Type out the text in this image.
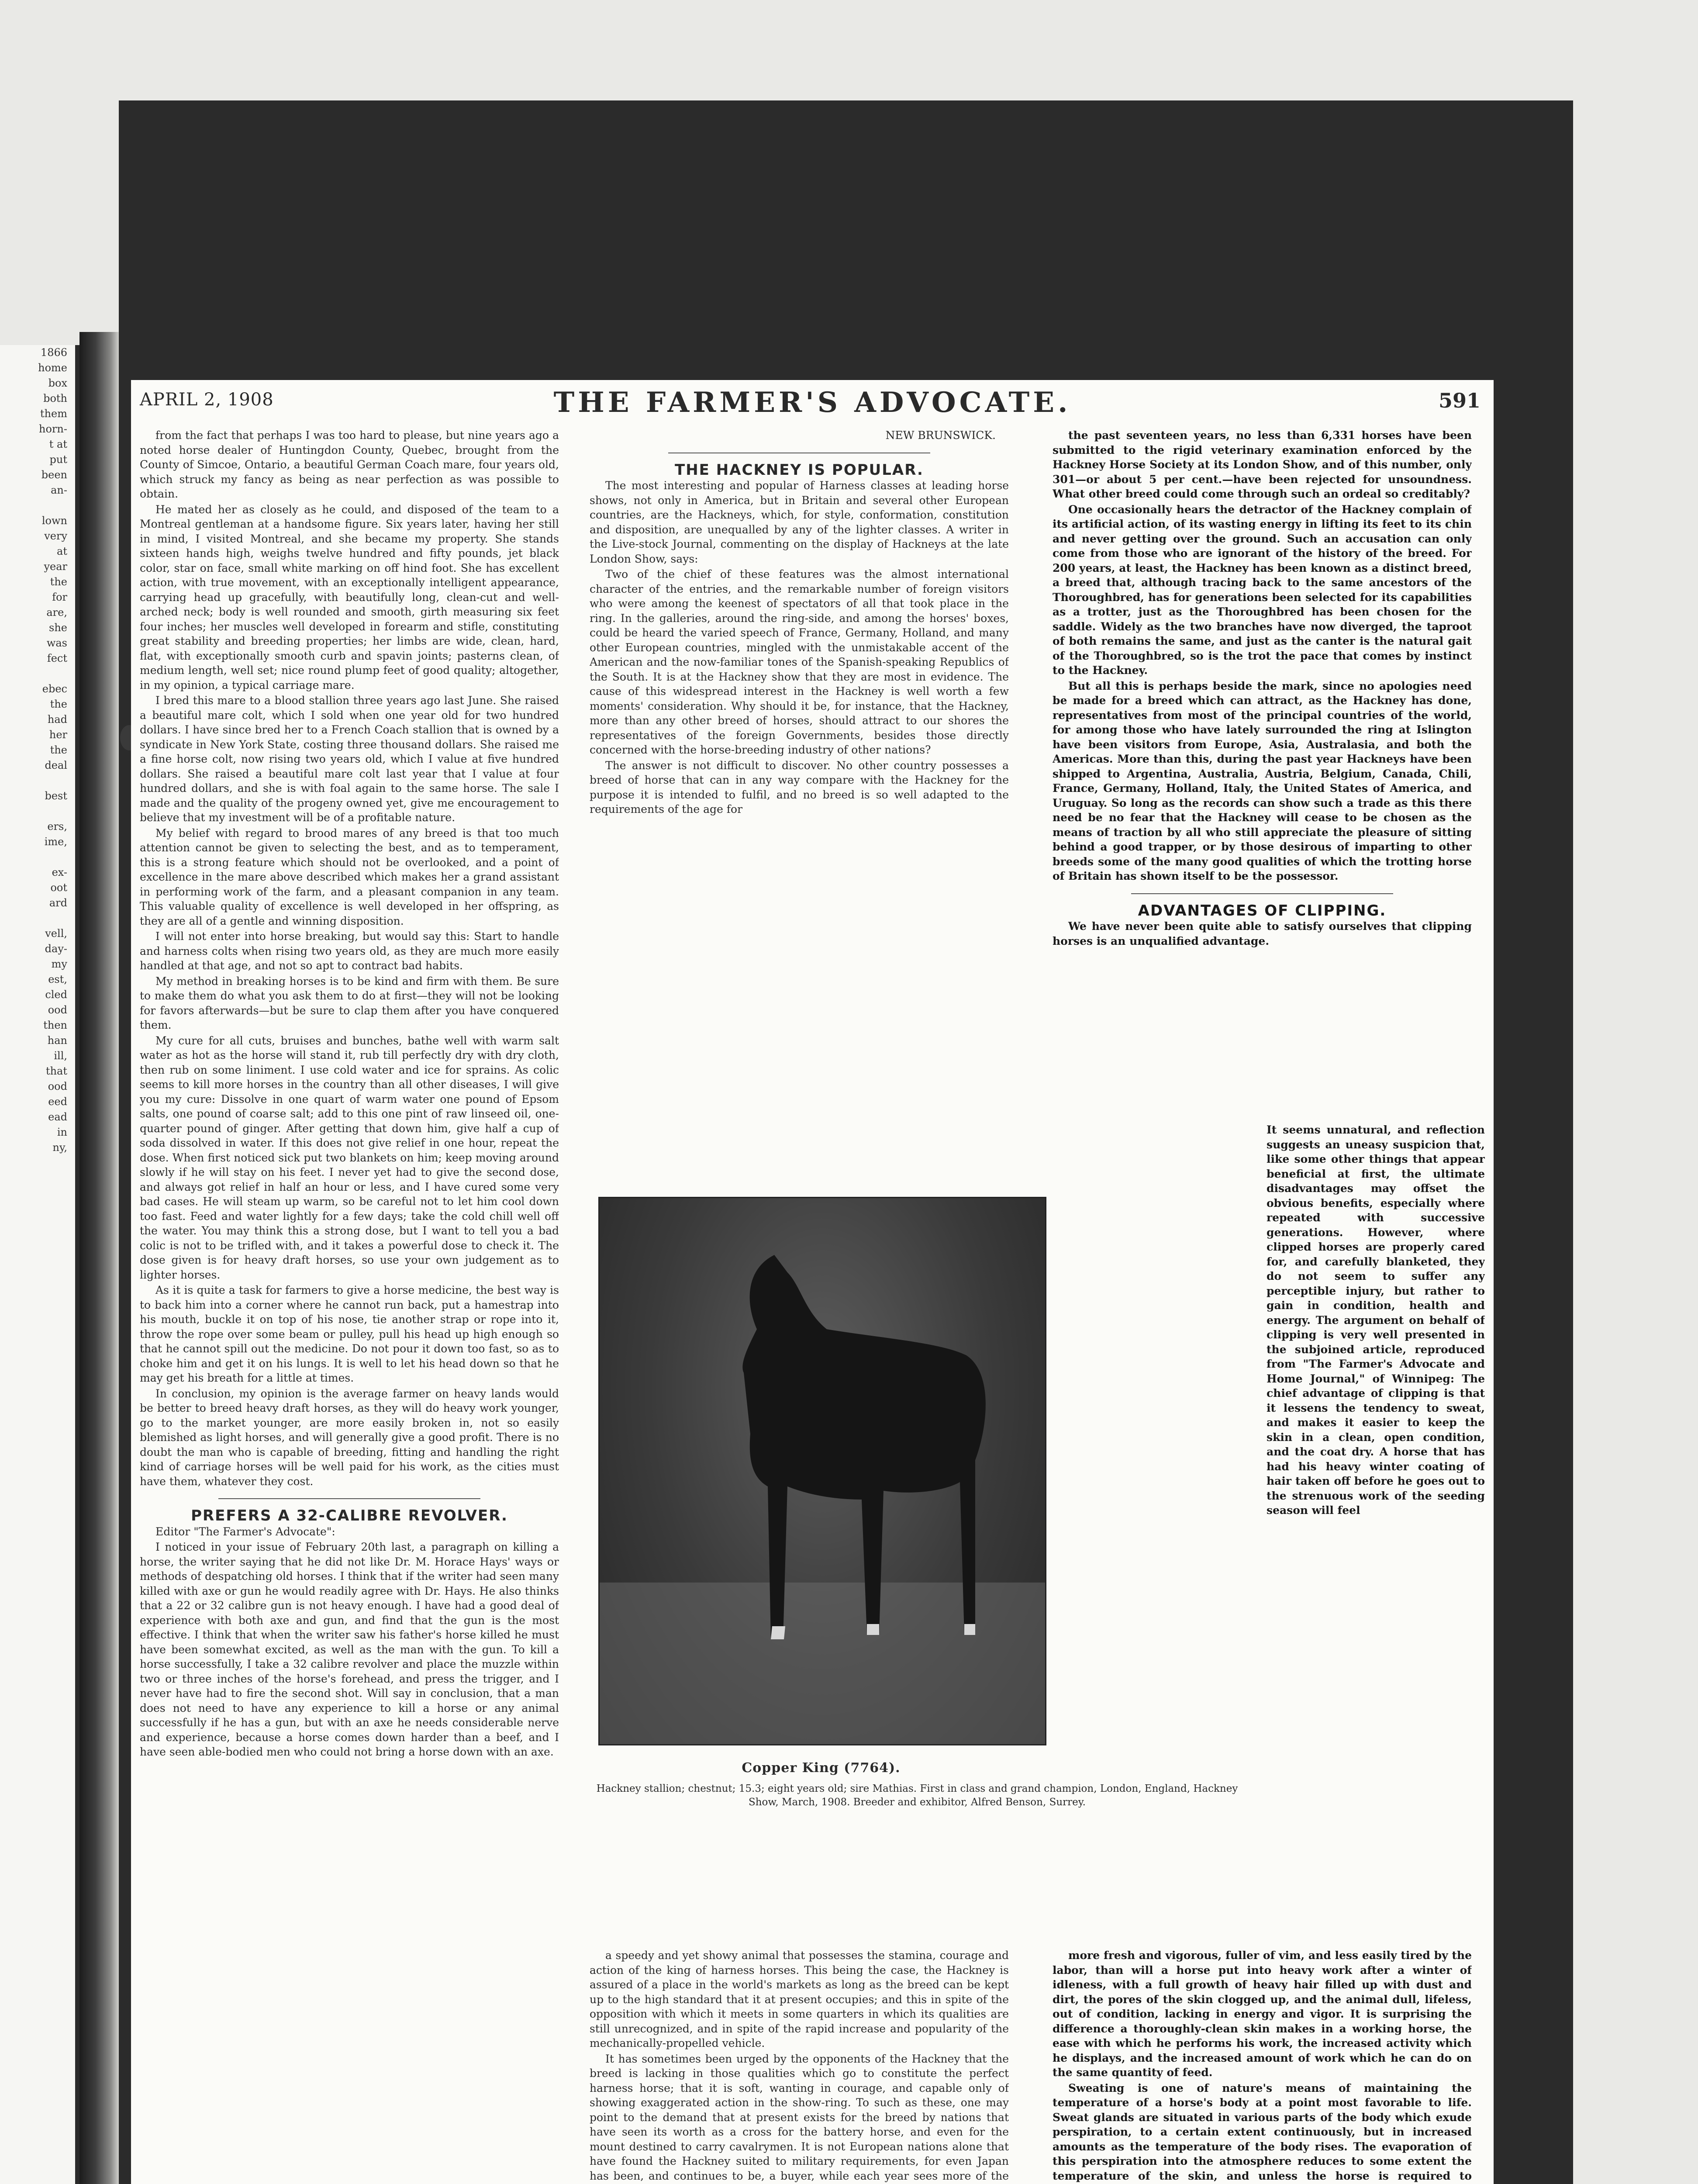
1866
home
box
both
them
horn-
t at
put
been
an-

lown
very
at
year
the
for
are,
she
was
fect

ebec
the
had
her
the
deal

best

ers,
ime,

ex-
oot
ard

vell,
day-
my
est,
cled
ood
then
han
ill,
that
ood
eed
ead
in
ny,
APRIL 2, 1908	THE FARMER'S ADVOCATE.	591

from the fact that perhaps I was too hard to please, but nine years ago a noted horse dealer of Huntingdon County, Quebec, brought from the County of Simcoe, Ontario, a beautiful German Coach mare, four years old, which struck my fancy as being as near perfection as was possible to obtain.

He mated her as closely as he could, and disposed of the team to a Montreal gentleman at a handsome figure. Six years later, having her still in mind, I visited Montreal, and she became my property. She stands sixteen hands high, weighs twelve hundred and fifty pounds, jet black color, star on face, small white marking on off hind foot. She has excellent action, with true movement, with an exceptionally intelligent appearance, carrying head up gracefully, with beautifully long, clean-cut and well-arched neck; body is well rounded and smooth, girth measuring six feet four inches; her muscles well developed in forearm and stifle, constituting great stability and breeding properties; her limbs are wide, clean, hard, flat, with exceptionally smooth curb and spavin joints; pasterns clean, of medium length, well set; nice round plump feet of good quality; altogether, in my opinion, a typical carriage mare.

I bred this mare to a blood stallion three years ago last June. She raised a beautiful mare colt, which I sold when one year old for two hundred dollars. I have since bred her to a French Coach stallion that is owned by a syndicate in New York State, costing three thousand dollars. She raised me a fine horse colt, now rising two years old, which I value at five hundred dollars. She raised a beautiful mare colt last year that I value at four hundred dollars, and she is with foal again to the same horse. The sale I made and the quality of the progeny owned yet, give me encouragement to believe that my investment will be of a profitable nature.

My belief with regard to brood mares of any breed is that too much attention cannot be given to selecting the best, and as to temperament, this is a strong feature which should not be overlooked, and a point of excellence in the mare above described which makes her a grand assistant in performing work of the farm, and a pleasant companion in any team. This valuable quality of excellence is well developed in her offspring, as they are all of a gentle and winning disposition.

I will not enter into horse breaking, but would say this: Start to handle and harness colts when rising two years old, as they are much more easily handled at that age, and not so apt to contract bad habits.

My method in breaking horses is to be kind and firm with them. Be sure to make them do what you ask them to do at first—they will not be looking for favors afterwards—but be sure to clap them after you have conquered them.

My cure for all cuts, bruises and bunches, bathe well with warm salt water as hot as the horse will stand it, rub till perfectly dry with dry cloth, then rub on some liniment. I use cold water and ice for sprains. As colic seems to kill more horses in the country than all other diseases, I will give you my cure: Dissolve in one quart of warm water one pound of Epsom salts, one pound of coarse salt; add to this one pint of raw linseed oil, one-quarter pound of ginger. After getting that down him, give half a cup of soda dissolved in water. If this does not give relief in one hour, repeat the dose. When first noticed sick put two blankets on him; keep moving around slowly if he will stay on his feet. I never yet had to give the second dose, and always got relief in half an hour or less, and I have cured some very bad cases. He will steam up warm, so be careful not to let him cool down too fast. Feed and water lightly for a few days; take the cold chill well off the water. You may think this a strong dose, but I want to tell you a bad colic is not to be trifled with, and it takes a powerful dose to check it. The dose given is for heavy draft horses, so use your own judgement as to lighter horses.

As it is quite a task for farmers to give a horse medicine, the best way is to back him into a corner where he cannot run back, put a hamestrap into his mouth, buckle it on top of his nose, tie another strap or rope into it, throw the rope over some beam or pulley, pull his head up high enough so that he cannot spill out the medicine. Do not pour it down too fast, so as to choke him and get it on his lungs. It is well to let his head down so that he may get his breath for a little at times.

In conclusion, my opinion is the average farmer on heavy lands would be better to breed heavy draft horses, as they will do heavy work younger, go to the market younger, are more easily broken in, not so easily blemished as light horses, and will generally give a good profit. There is no doubt the man who is capable of breeding, fitting and handling the right kind of carriage horses will be well paid for his work, as the cities must have them, whatever they cost.

PREFERS A 32-CALIBRE REVOLVER.

Editor "The Farmer's Advocate":

I noticed in your issue of February 20th last, a paragraph on killing a horse, the writer saying that he did not like Dr. M. Horace Hays' ways or methods of despatching old horses. I think that if the writer had seen many killed with axe or gun he would readily agree with Dr. Hays. He also thinks that a 22 or 32 calibre gun is not heavy enough. I have had a good deal of experience with both axe and gun, and find that the gun is the most effective. I think that when the writer saw his father's horse killed he must have been somewhat excited, as well as the man with the gun. To kill a horse successfully, I take a 32 calibre revolver and place the muzzle within two or three inches of the horse's forehead, and press the trigger, and I never have had to fire the second shot. Will say in conclusion, that a man does not need to have any experience to kill a horse or any animal successfully if he has a gun, but with an axe he needs considerable nerve and experience, because a horse comes down harder than a beef, and I have seen able-bodied men who could not bring a horse down with an axe.

NEW BRUNSWICK.

THE HACKNEY IS POPULAR.

The most interesting and popular of Harness classes at leading horse shows, not only in America, but in Britain and several other European countries, are the Hackneys, which, for style, conformation, constitution and disposition, are unequalled by any of the lighter classes. A writer in the Live-stock Journal, commenting on the display of Hackneys at the late London Show, says:

Two of the chief of these features was the almost international character of the entries, and the remarkable number of foreign visitors who were among the keenest of spectators of all that took place in the ring. In the galleries, around the ring-side, and among the horses' boxes, could be heard the varied speech of France, Germany, Holland, and many other European countries, mingled with the unmistakable accent of the American and the now-familiar tones of the Spanish-speaking Republics of the South. It is at the Hackney show that they are most in evidence. The cause of this widespread interest in the Hackney is well worth a few moments' consideration. Why should it be, for instance, that the Hackney, more than any other breed of horses, should attract to our shores the representatives of the foreign Governments, besides those directly concerned with the horse-breeding industry of other nations?

The answer is not difficult to discover. No other country possesses a breed of horse that can in any way compare with the Hackney for the purpose it is intended to fulfil, and no breed is so well adapted to the requirements of the age for

Copper King (7764).
Hackney stallion; chestnut; 15.3; eight years old; sire Mathias. First in class and grand champion, London, England, Hackney Show, March, 1908. Breeder and exhibitor, Alfred Benson, Surrey.

the past seventeen years, no less than 6,331 horses have been submitted to the rigid veterinary examination enforced by the Hackney Horse Society at its London Show, and of this number, only 301—or about 5 per cent.—have been rejected for unsoundness. What other breed could come through such an ordeal so creditably?

One occasionally hears the detractor of the Hackney complain of its artificial action, of its wasting energy in lifting its feet to its chin and never getting over the ground. Such an accusation can only come from those who are ignorant of the history of the breed. For 200 years, at least, the Hackney has been known as a distinct breed, a breed that, although tracing back to the same ancestors of the Thoroughbred, has for generations been selected for its capabilities as a trotter, just as the Thoroughbred has been chosen for the saddle. Widely as the two branches have now diverged, the taproot of both remains the same, and just as the canter is the natural gait of the Thoroughbred, so is the trot the pace that comes by instinct to the Hackney.

But all this is perhaps beside the mark, since no apologies need be made for a breed which can attract, as the Hackney has done, representatives from most of the principal countries of the world, for among those who have lately surrounded the ring at Islington have been visitors from Europe, Asia, Australasia, and both the Americas. More than this, during the past year Hackneys have been shipped to Argentina, Australia, Austria, Belgium, Canada, Chili, France, Germany, Holland, Italy, the United States of America, and Uruguay. So long as the records can show such a trade as this there need be no fear that the Hackney will cease to be chosen as the means of traction by all who still appreciate the pleasure of sitting behind a good trapper, or by those desirous of imparting to other breeds some of the many good qualities of which the trotting horse of Britain has shown itself to be the possessor.

ADVANTAGES OF CLIPPING.

We have never been quite able to satisfy ourselves that clipping horses is an unqualified advantage.

It seems unnatural, and reflection suggests an uneasy suspicion that, like some other things that appear beneficial at first, the ultimate disadvantages may offset the obvious benefits, especially where repeated with successive generations. However, where clipped horses are properly cared for, and carefully blanketed, they do not seem to suffer any perceptible injury, but rather to gain in condition, health and energy. The argument on behalf of clipping is very well presented in the subjoined article, reproduced from "The Farmer's Advocate and Home Journal," of Winnipeg: The chief advantage of clipping is that it lessens the tendency to sweat, and makes it easier to keep the skin in a clean, open condition, and the coat dry. A horse that has had his heavy winter coating of hair taken off before he goes out to the strenuous work of the seeding season will feel

a speedy and yet showy animal that possesses the stamina, courage and action of the king of harness horses. This being the case, the Hackney is assured of a place in the world's markets as long as the breed can be kept up to the high standard that it at present occupies; and this in spite of the opposition with which it meets in some quarters in which its qualities are still unrecognized, and in spite of the rapid increase and popularity of the mechanically-propelled vehicle.

It has sometimes been urged by the opponents of the Hackney that the breed is lacking in those qualities which go to constitute the perfect harness horse; that it is soft, wanting in courage, and capable only of showing exaggerated action in the show-ring. To such as these, one may point to the demand that at present exists for the breed by nations that have seen its worth as a cross for the battery horse, and even for the mount destined to carry cavalrymen. It is not European nations alone that have found the Hackney suited to military requirements, for even Japan has been, and continues to be, a buyer, while each year sees more of the

more fresh and vigorous, fuller of vim, and less easily tired by the labor, than will a horse put into heavy work after a winter of idleness, with a full growth of heavy hair filled up with dust and dirt, the pores of the skin clogged up, and the animal dull, lifeless, out of condition, lacking in energy and vigor. It is surprising the difference a thoroughly-clean skin makes in a working horse, the ease with which he performs his work, the increased activity which he displays, and the increased amount of work which he can do on the same quantity of feed.

Sweating is one of nature's means of maintaining the temperature of a horse's body at a point most favorable to life. Sweat glands are situated in various parts of the body which exude perspiration, to a certain extent continuously, but in increased amounts as the temperature of the body rises. The evaporation of this perspiration into the atmosphere reduces to some extent the temperature of the skin, and unless the horse is required to
